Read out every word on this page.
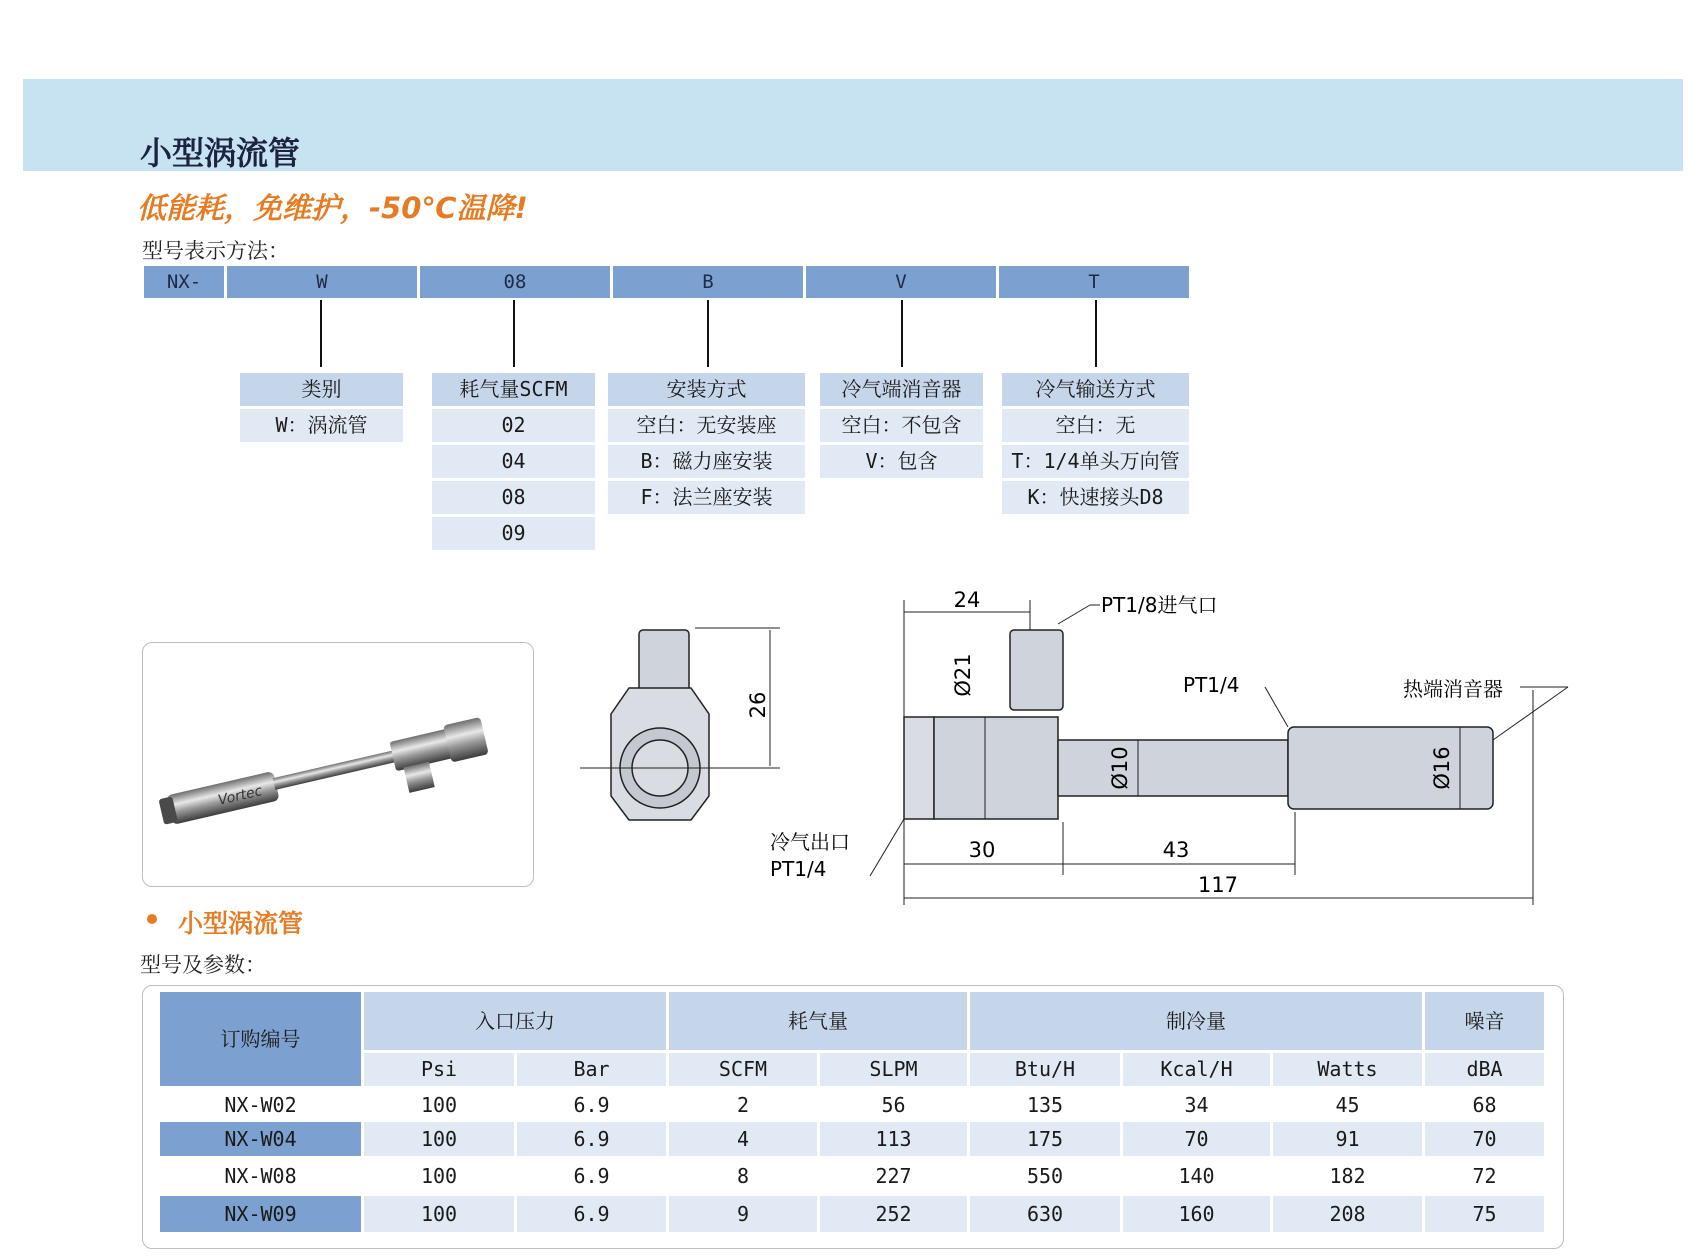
小型涡流管
低能耗，免维护，-50℃温降!
型号表示方法：
NX-	W	08	B	V	T
类别
W：涡流管
耗气量SCFM
02
04
08
09
安装方式
空白：无安装座
B：磁力座安装
F：法兰座安装
冷气端消音器
空白：不包含
V：包含
冷气输送方式
空白：无
T：1/4单头万向管
K：快速接头D8
Vortec
26
24
Ø21
Ø10	Ø16
30	43
117
PT1/8进气口
PT1/4	热端消音器
冷气出口
PT1/4
小型涡流管
型号及参数：
订购编号
入口压力	耗气量	制冷量	噪音
Psi	Bar	SCFM	SLPM	Btu/H	Kcal/H	Watts	dBA
NX-W02	100	6.9	2	56	135	34	45	68
NX-W04	100	6.9	4	113	175	70	91	70
NX-W08	100	6.9	8	227	550	140	182	72
NX-W09	100	6.9	9	252	630	160	208	75
